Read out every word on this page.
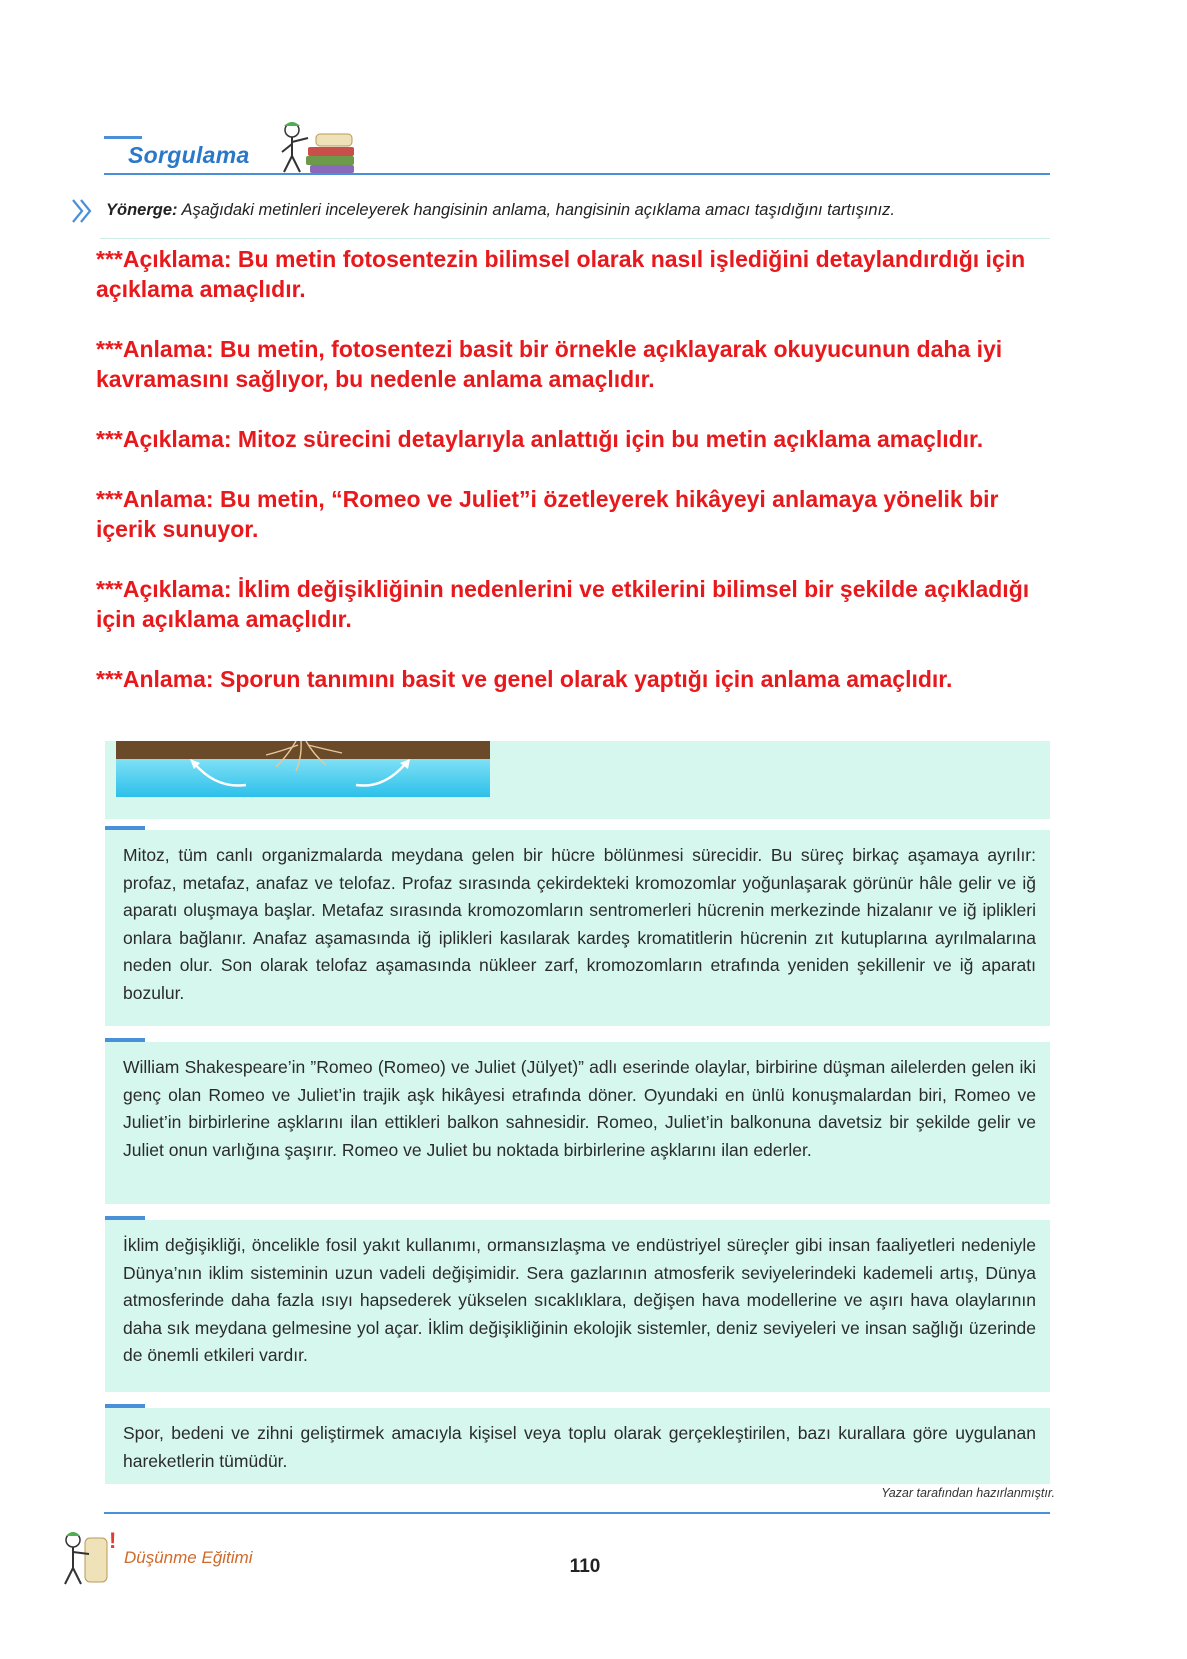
Sorgulama
Yönerge: Aşağıdaki metinleri inceleyerek hangisinin anlama, hangisinin açıklama amacı taşıdığını tartışınız.
***Açıklama: Bu metin fotosentezin bilimsel olarak nasıl işlediğini detaylandırdığı için açıklama amaçlıdır.
***Anlama: Bu metin, fotosentezi basit bir örnekle açıklayarak okuyucunun daha iyi kavramasını sağlıyor, bu nedenle anlama amaçlıdır.
***Açıklama: Mitoz sürecini detaylarıyla anlattığı için bu metin açıklama amaçlıdır.
***Anlama: Bu metin, “Romeo ve Juliet”i özetleyerek hikâyeyi anlamaya yönelik bir içerik sunuyor.
***Açıklama: İklim değişikliğinin nedenlerini ve etkilerini bilimsel bir şekilde açıkladığı için açıklama amaçlıdır.
***Anlama: Sporun tanımını basit ve genel olarak yaptığı için anlama amaçlıdır.
Mitoz, tüm canlı organizmalarda meydana gelen bir hücre bölünmesi sürecidir. Bu süreç birkaç aşamaya ayrılır: profaz, metafaz, anafaz ve telofaz. Profaz sırasında çekirdekteki kromozomlar yoğunlaşarak görünür hâle gelir ve iğ aparatı oluşmaya başlar. Metafaz sırasında kromozomların sentromerleri hücrenin merkezinde hizalanır ve iğ iplikleri onlara bağlanır. Anafaz aşamasında iğ iplikleri kasılarak kardeş kromatitlerin hücrenin zıt kutuplarına ayrılmalarına neden olur. Son olarak telofaz aşamasında nükleer zarf, kromozomların etrafında yeniden şekillenir ve iğ aparatı bozulur.
William Shakespeare’in ”Romeo (Romeo) ve Juliet (Jülyet)” adlı eserinde olaylar, birbirine düşman ailelerden gelen iki genç olan Romeo ve Juliet’in trajik aşk hikâyesi etrafında döner. Oyundaki en ünlü konuşmalardan biri, Romeo ve Juliet’in birbirlerine aşklarını ilan ettikleri balkon sahnesidir. Romeo, Juliet’in balkonuna davetsiz bir şekilde gelir ve Juliet onun varlığına şaşırır. Romeo ve Juliet bu noktada birbirlerine aşklarını ilan ederler.
İklim değişikliği, öncelikle fosil yakıt kullanımı, ormansızlaşma ve endüstriyel süreçler gibi insan faaliyetleri nedeniyle Dünya’nın iklim sisteminin uzun vadeli değişimidir. Sera gazlarının atmosferik seviyelerindeki kademeli artış, Dünya atmosferinde daha fazla ısıyı hapsederek yükselen sıcaklıklara, değişen hava modellerine ve aşırı hava olaylarının daha sık meydana gelmesine yol açar. İklim değişikliğinin ekolojik sistemler, deniz seviyeleri ve insan sağlığı üzerinde de önemli etkileri vardır.
Spor, bedeni ve zihni geliştirmek amacıyla kişisel veya toplu olarak gerçekleştirilen, bazı kurallara göre uygulanan hareketlerin tümüdür.
Yazar tarafından hazırlanmıştır.
!
Düşünme Eğitimi	110
